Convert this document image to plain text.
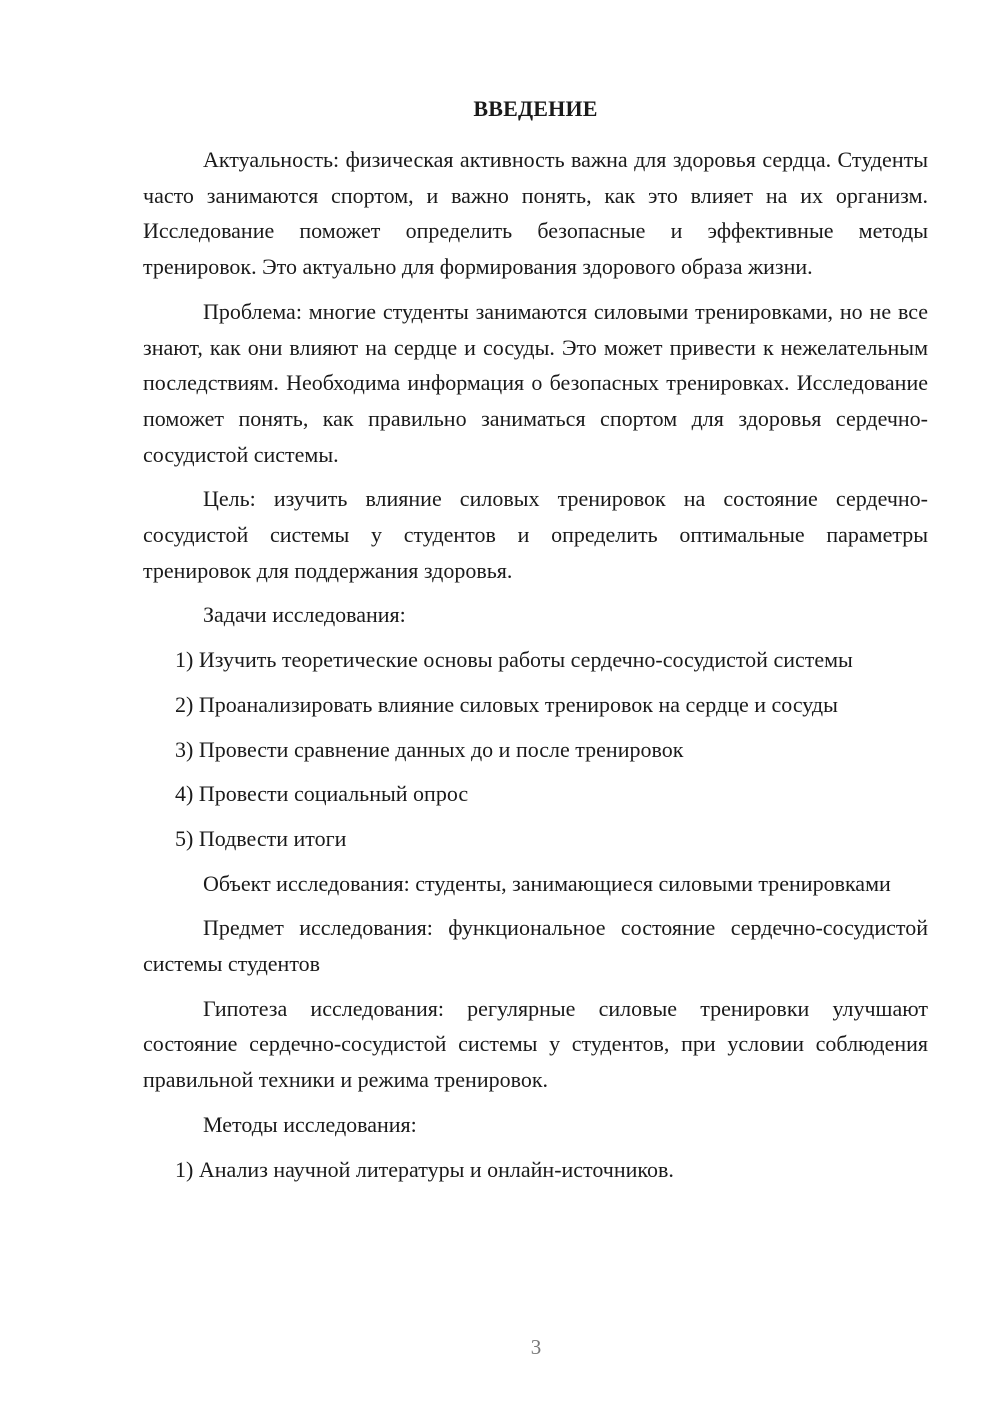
ВВЕДЕНИЕ

Актуальность: физическая активность важна для здоровья сердца. Студенты часто занимаются спортом, и важно понять, как это влияет на их организм. Исследование поможет определить безопасные и эффективные методы тренировок. Это актуально для формирования здорового образа жизни.

Проблема: многие студенты занимаются силовыми тренировками, но не все знают, как они влияют на сердце и сосуды. Это может привести к нежелательным последствиям. Необходима информация о безопасных тренировках. Исследование поможет понять, как правильно заниматься спортом для здоровья сердечно-сосудистой системы.

Цель: изучить влияние силовых тренировок на состояние сердечно-сосудистой системы у студентов и определить оптимальные параметры тренировок для поддержания здоровья.

Задачи исследования:

1) Изучить теоретические основы работы сердечно-сосудистой системы

2) Проанализировать влияние силовых тренировок на сердце и сосуды

3) Провести сравнение данных до и после тренировок

4) Провести социальный опрос

5) Подвести итоги

Объект исследования: студенты, занимающиеся силовыми тренировками

Предмет исследования: функциональное состояние сердечно-сосудистой системы студентов

Гипотеза исследования: регулярные силовые тренировки улучшают состояние сердечно-сосудистой системы у студентов, при условии соблюдения правильной техники и режима тренировок.

Методы исследования:

1) Анализ научной литературы и онлайн-источников.

3
